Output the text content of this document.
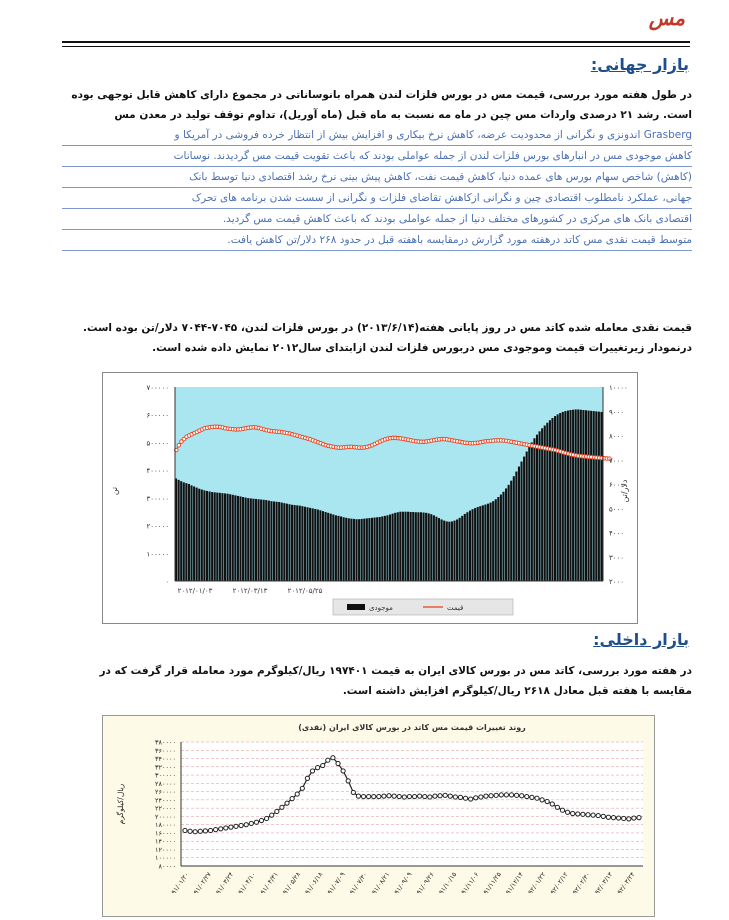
مس
بازار جهانی:
در طول هفته مورد بررسی، قیمت مس در بورس فلزات لندن همراه بانوساناتی در مجموع دارای کاهش قابل توجهی بوده
است. رشد ۲۱ درصدی واردات مس چین در ماه مه نسبت به ماه قبل (ماه آوریل)، تداوم توقف تولید در معدن مس
Grasberg اندونزی و نگرانی از محدودیت عرضه، کاهش نرخ بیکاری و افزایش بیش از انتظار خرده فروشی در آمریکا و
کاهش موجودی مس در انبارهای بورس فلزات لندن از جمله عواملی بودند که باعث تقویت قیمت مس گردیدند. نوسانات
(کاهش) شاخص سهام بورس های عمده دنیا، کاهش قیمت نفت، کاهش پیش بینی نرخ رشد اقتصادی دنیا توسط بانک
جهانی، عملکرد نامطلوب اقتصادی چین و نگرانی ازکاهش تقاضای فلزات و نگرانی از سست شدن برنامه های تحرک
اقتصادی بانک های مرکزی در کشورهای مختلف دنیا از جمله عواملی بودند که باعث کاهش قیمت مس گردید.
متوسط قیمت نقدی مس کاتد درهفته مورد گزارش درمقایسه باهفته قبل در حدود ۲۶۸ دلار/تن کاهش یافت.
قیمت نقدی معامله شده کاتد مس در روز پایانی هفته(۲۰۱۳/۶/۱۴) در بورس فلزات لندن، ۷۰۴۵-۷۰۴۴ دلار/تن بوده است.
درنمودار زیرتغییرات قیمت وموجودی مس دربورس فلزات لندن ازابتدای سال۲۰۱۲ نمایش داده شده است.
۰
۱۰۰۰۰۰
۲۰۰۰۰۰
۳۰۰۰۰۰
۴۰۰۰۰۰
۵۰۰۰۰۰
۶۰۰۰۰۰
۷۰۰۰۰۰
۲۰۰۰
۳۰۰۰
۴۰۰۰
۵۰۰۰
۶۰۰۰
۷۰۰۰
۸۰۰۰
۹۰۰۰
۱۰۰۰۰
۲۰۱۲/۰۱/۰۳	۲۰۱۲/۰۳/۱۳	۲۰۱۲/۰۵/۲۵
تن	دلار/تن
موجودی	قیمت
بازار داخلی:
در هفته مورد بررسی، کاتد مس در بورس کالای ایران به قیمت ۱۹۷۴۰۱ ریال/کیلوگرم مورد معامله قرار گرفت که در
مقایسه با هفته قبل معادل ۲۶۱۸ ریال/کیلوگرم افزایش داشته است.
۸۰۰۰۰
۱۰۰۰۰۰
۱۲۰۰۰۰
۱۴۰۰۰۰
۱۶۰۰۰۰
۱۸۰۰۰۰
۲۰۰۰۰۰
۲۲۰۰۰۰
۲۴۰۰۰۰
۲۶۰۰۰۰
۲۸۰۰۰۰
۳۰۰۰۰۰
۳۲۰۰۰۰
۳۴۰۰۰۰
۳۶۰۰۰۰
۳۸۰۰۰۰
۹۱/۰۱/۲۰ ۹۱/۰۲/۲۷ ۹۱/۰۳/۲۴ ۹۱/۰۴/۱۰ ۹۱/۰۴/۳۱ ۹۱/۰۵/۲۸ ۹۱/۰۶/۱۸ ۹۱/۰۷/۰۹ ۹۱/۰۷/۳۰ ۹۱/۰۸/۲۱ ۹۱/۰۹/۰۹ ۹۱/۰۹/۲۶ ۹۱/۱۰/۱۵ ۹۱/۱۱/۰۶ ۹۱/۱۱/۲۵ ۹۱/۱۲/۱۴ ۹۲/۰۱/۲۲ ۹۲/۰۲/۱۲ ۹۲/۰۲/۳۰ ۹۲/۰۳/۱۳ ۹۲/۰۳/۲۴
روند تغییرات قیمت مس کاتد در بورس کالای ایران (نقدی)
ریال/کیلوگرم
